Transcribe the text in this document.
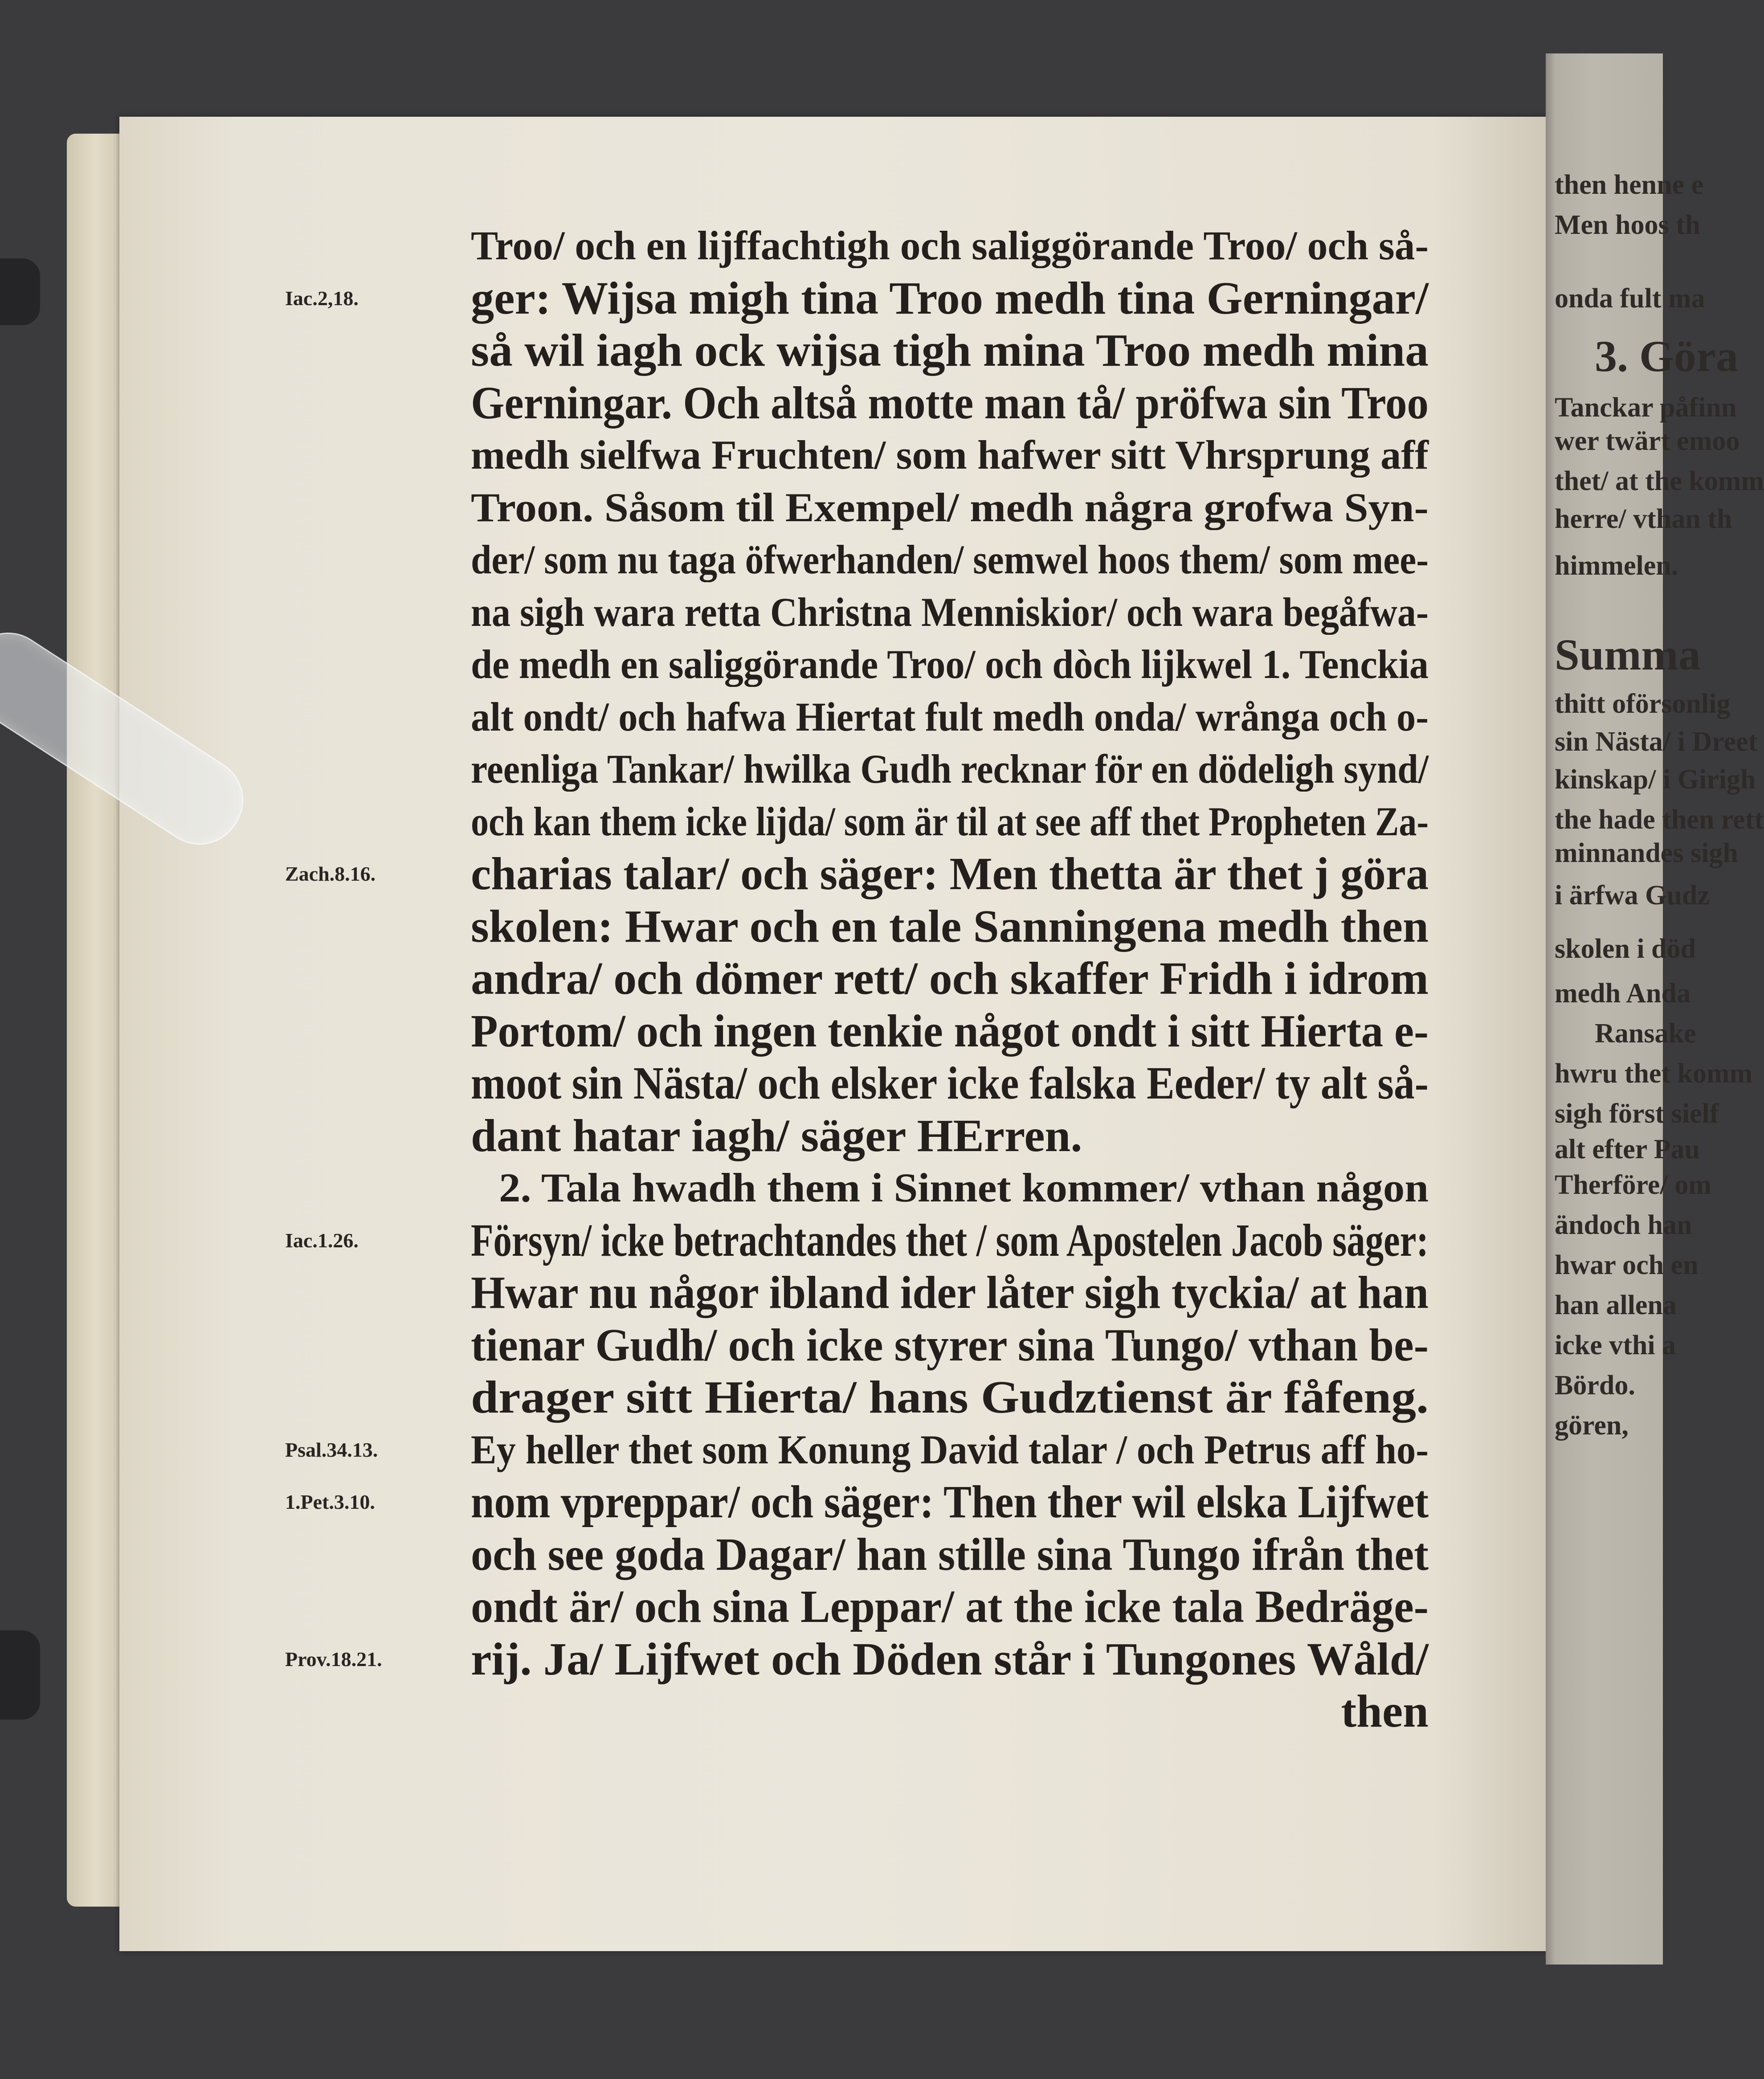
then henne e
Men hoos th
onda fult ma
3. Göra
Tanckar påfinn
wer twärt emoo
thet/ at the komm
herre/ vthan th
himmelen.
Summa
thitt oförsonlig
sin Nästa/ i Dreet
kinskap/ i Girigh
the hade then rett
minnandes sigh
i ärfwa Gudz
skolen i död
medh Anda
Ransake
hwru thet komm
sigh först sielf
alt efter Pau
Therföre/ om
ändoch han
hwar och en
han allena
icke vthi a
Bördo.
gören,
Troo/ och en lijffachtigh och saliggörande Troo/ och så-
ger: Wijsa migh tina Troo medh tina Gerningar/
så wil iagh ock wijsa tigh mina Troo medh mina
Gerningar. Och altså motte man tå/ pröfwa sin Troo
medh sielfwa Fruchten/ som hafwer sitt Vhrsprung aff
Troon. Såsom til Exempel/ medh några grofwa Syn-
der/ som nu taga öfwerhanden/ semwel hoos them/ som mee-
na sigh wara retta Christna Menniskior/ och wara begåfwa-
de medh en saliggörande Troo/ och dòch lijkwel 1. Tenckia
alt ondt/ och hafwa Hiertat fult medh onda/ wrånga och o-
reenliga Tankar/ hwilka Gudh recknar för en dödeligh synd/
och kan them icke lijda/ som är til at see aff thet Propheten Za-
charias talar/ och säger: Men thetta är thet j göra
skolen: Hwar och en tale Sanningena medh then
andra/ och dömer rett/ och skaffer Fridh i idrom
Portom/ och ingen tenkie något ondt i sitt Hierta e-
moot sin Nästa/ och elsker icke falska Eeder/ ty alt så-
dant hatar iagh/ säger HErren.
2. Tala hwadh them i Sinnet kommer/ vthan någon
Försyn/ icke betrachtandes thet / som Apostelen Jacob säger:
Hwar nu någor ibland ider låter sigh tyckia/ at han
tienar Gudh/ och icke styrer sina Tungo/ vthan be-
drager sitt Hierta/ hans Gudztienst är fåfeng.
Ey heller thet som Konung David talar / och Petrus aff ho-
nom vpreppar/ och säger: Then ther wil elska Lijfwet
och see goda Dagar/ han stille sina Tungo ifrån thet
ondt är/ och sina Leppar/ at the icke tala Bedräge-
rij. Ja/ Lijfwet och Döden står i Tungones Wåld/
then
Iac.2,18.
Zach.8.16.
Iac.1.26.
Psal.34.13.
1.Pet.3.10.
Prov.18.21.
